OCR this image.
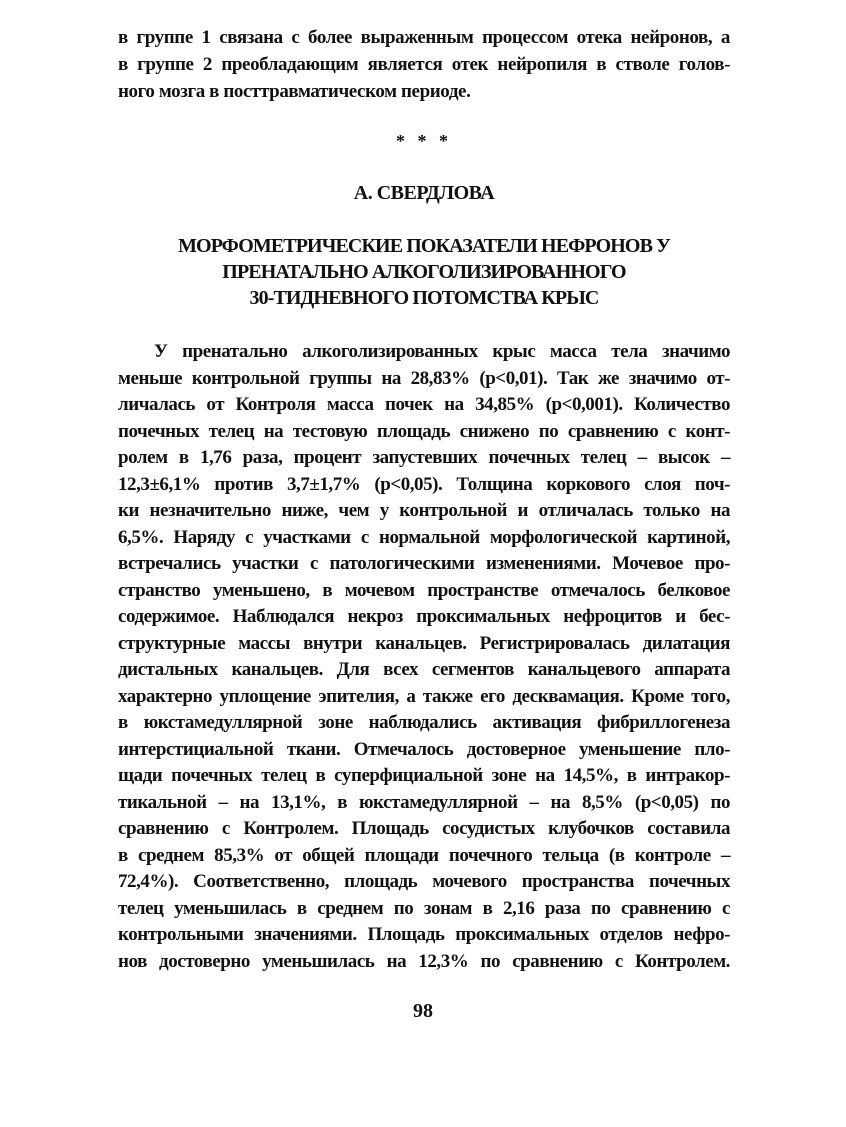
в группе 1 связана с более выраженным процессом отека нейронов, а
в группе 2 преобладающим является отек нейропиля в стволе голов-
ного мозга в посттравматическом периоде.
* * *
А. СВЕРДЛОВА
МОРФОМЕТРИЧЕСКИЕ ПОКАЗАТЕЛИ НЕФРОНОВ У
ПРЕНАТАЛЬНО АЛКОГОЛИЗИРОВАННОГО
30-ТИДНЕВНОГО ПОТОМСТВА КРЫС
У пренатально алкоголизированных крыс масса тела значимо
меньше контрольной группы на 28,83% (р<0,01). Так же значимо от-
личалась от Контроля масса почек на 34,85% (р<0,001). Количество
почечных телец на тестовую площадь снижено по сравнению с конт-
ролем в 1,76 раза, процент запустевших почечных телец – высок –
12,3±6,1% против 3,7±1,7% (р<0,05). Толщина коркового слоя поч-
ки незначительно ниже, чем у контрольной и отличалась только на
6,5%. Наряду с участками с нормальной морфологической картиной,
встречались участки с патологическими изменениями. Мочевое про-
странство уменьшено, в мочевом пространстве отмечалось белковое
содержимое. Наблюдался некроз проксимальных нефроцитов и бес-
структурные массы внутри канальцев. Регистрировалась дилатация
дистальных канальцев. Для всех сегментов канальцевого аппарата
характерно уплощение эпителия, а также его десквамация. Кроме того,
в юкстамедуллярной зоне наблюдались активация фибриллогенеза
интерстициальной ткани. Отмечалось достоверное уменьшение пло-
щади почечных телец в суперфициальной зоне на 14,5%, в интракор-
тикальной – на 13,1%, в юкстамедуллярной – на 8,5% (р<0,05) по
сравнению с Контролем. Площадь сосудистых клубочков составила
в среднем 85,3% от общей площади почечного тельца (в контроле –
72,4%). Соответственно, площадь мочевого пространства почечных
телец уменьшилась в среднем по зонам в 2,16 раза по сравнению с
контрольными значениями. Площадь проксимальных отделов нефро-
нов достоверно уменьшилась на 12,3% по сравнению с Контролем.
98
